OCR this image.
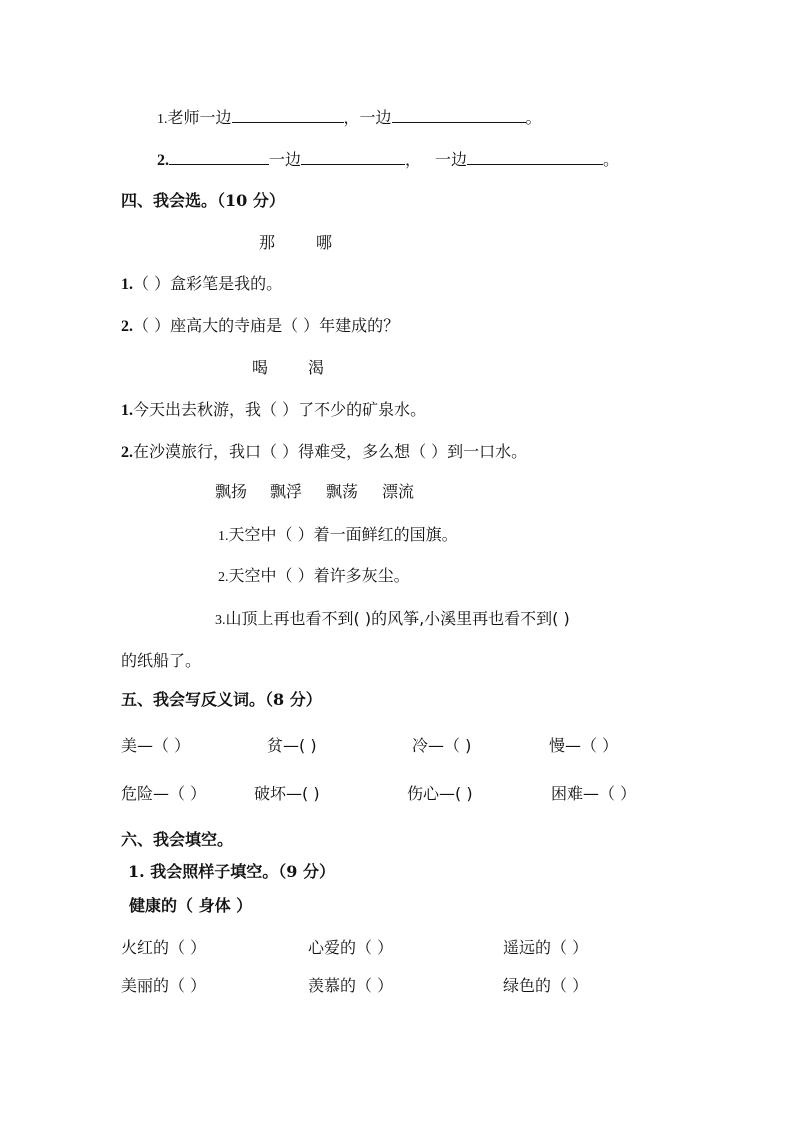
1.老师一边	，一边	。
2.	一边	， 一边	。
四、我会选。（10 分）
那	哪
1.（ ）盒彩笔是我的。
2.（ ）座高大的寺庙是（ ）年建成的？
喝 渴
1.今天出去秋游，我（ ）了不少的矿泉水。
2.在沙漠旅行，我口（ ）得难受，多么想（ ）到一口水。
飘扬 飘浮 飘荡 漂流
1.天空中（ ）着一面鲜红的国旗。
2.天空中（ ）着许多灰尘。
3.山顶上再也看不到( )的风筝,小溪里再也看不到( )
的纸船了。
五、我会写反义词。（8 分）
美—（ ）	贫—( )	冷—（ )	慢—（ ）
危险—（ ）	破坏—( )	伤心—( )	困难—（ ）
六、我会填空。
1. 我会照样子填空。（9 分）
健康的（ 身体 ）
火红的（ ）	心爱的（ ）	遥远的（ ）
美丽的（ ）	羡慕的（ ）	绿色的（ ）
